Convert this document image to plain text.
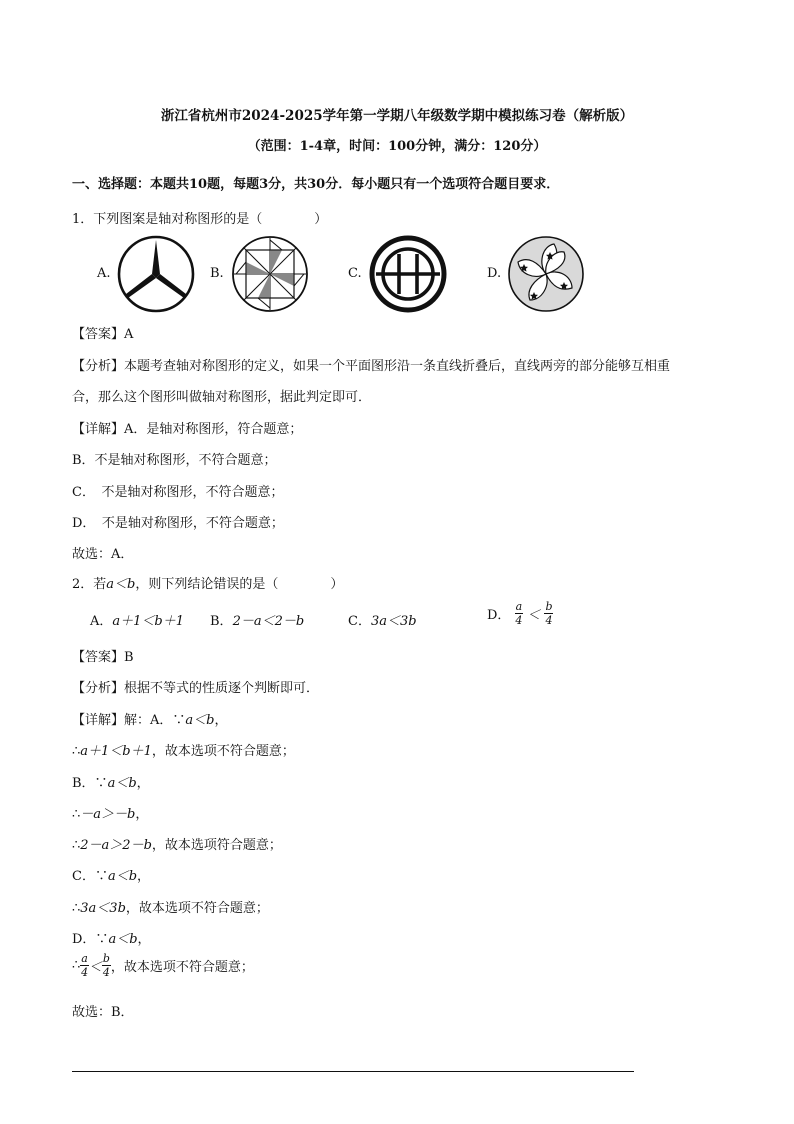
浙江省杭州市2024-2025学年第一学期八年级数学期中模拟练习卷（解析版）
（范围：1-4章，时间：100分钟，满分：120分）
一、选择题：本题共10题，每题3分，共30分．每小题只有一个选项符合题目要求．
1．下列图案是轴对称图形的是（　　　　）
A.	B.	C.	D.
【答案】A
【分析】本题考查轴对称图形的定义，如果一个平面图形沿一条直线折叠后，直线两旁的部分能够互相重
合，那么这个图形叫做轴对称图形，据此判定即可．
【详解】A．是轴对称图形，符合题意；
B．不是轴对称图形，不符合题意；
C．　不是轴对称图形，不符合题意；
D．　不是轴对称图形，不符合题意；
故选：A．
2．若a＜b，则下列结论错误的是（　　　　）
A．a＋1＜b＋1 B．2－a＜2－b	C．3a＜3b	D． $\frac{a}{4} < \frac{b}{4}$
【答案】B
【分析】根据不等式的性质逐个判断即可．
【详解】解：A．∵a＜b，
∴a＋1＜b＋1，故本选项不符合题意；
B．∵a＜b，
∴－a＞－b，
∴2－a＞2－b，故本选项符合题意；
C．∵a＜b，
∴3a＜3b，故本选项不符合题意；
D．∵a＜b，
∴ $\frac{a}{4} < \frac{b}{4}$ ，故本选项不符合题意；
故选：B．
